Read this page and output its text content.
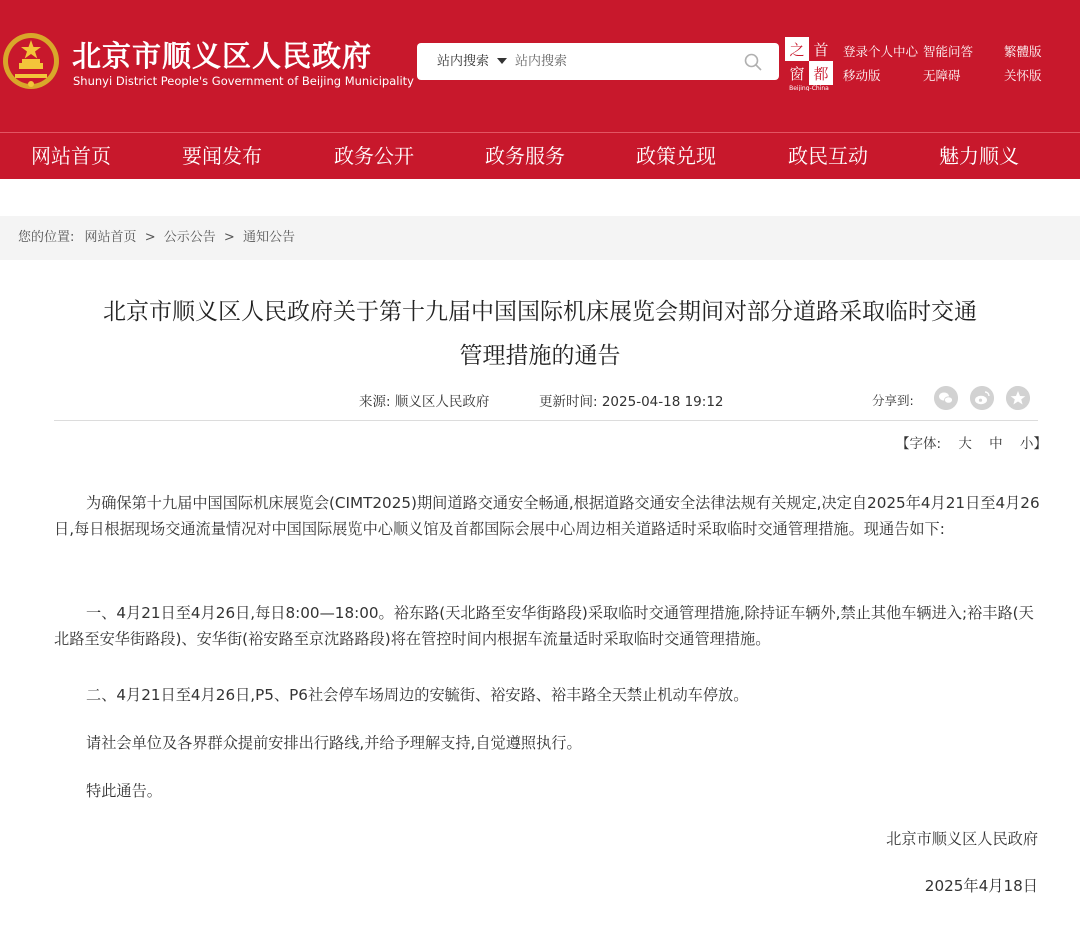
北京市顺义区人民政府
Shunyi District People's Government of Beijing Municipality
站内搜索
站内搜索
之 首
窗 都
Beijing-China
登录个人中心 智能问答 繁體版
移动版	无障碍	关怀版
网站首页	要闻发布	政务公开	政务服务	政策兑现	政民互动	魅力顺义
您的位置: 网站首页 > 公示公告 > 通知公告
北京市顺义区人民政府关于第十九届中国国际机床展览会期间对部分道路采取临时交通
管理措施的通告
来源: 顺义区人民政府	更新时间: 2025-04-18 19:12	分享到:
【字体: 大 中 小】
为确保第十九届中国国际机床展览会(CIMT2025)期间道路交通安全畅通,根据道路交通安全法律法规有关规定,决定自2025年4月21日至4月26日,每日根据现场交通流量情况对中国国际展览中心顺义馆及首都国际会展中心周边相关道路适时采取临时交通管理措施。现通告如下:
一、4月21日至4月26日,每日8:00—18:00。裕东路(天北路至安华街路段)采取临时交通管理措施,除持证车辆外,禁止其他车辆进入;裕丰路(天北路至安华街路段)、安华街(裕安路至京沈路路段)将在管控时间内根据车流量适时采取临时交通管理措施。
二、4月21日至4月26日,P5、P6社会停车场周边的安毓街、裕安路、裕丰路全天禁止机动车停放。
请社会单位及各界群众提前安排出行路线,并给予理解支持,自觉遵照执行。
特此通告。
北京市顺义区人民政府
2025年4月18日
